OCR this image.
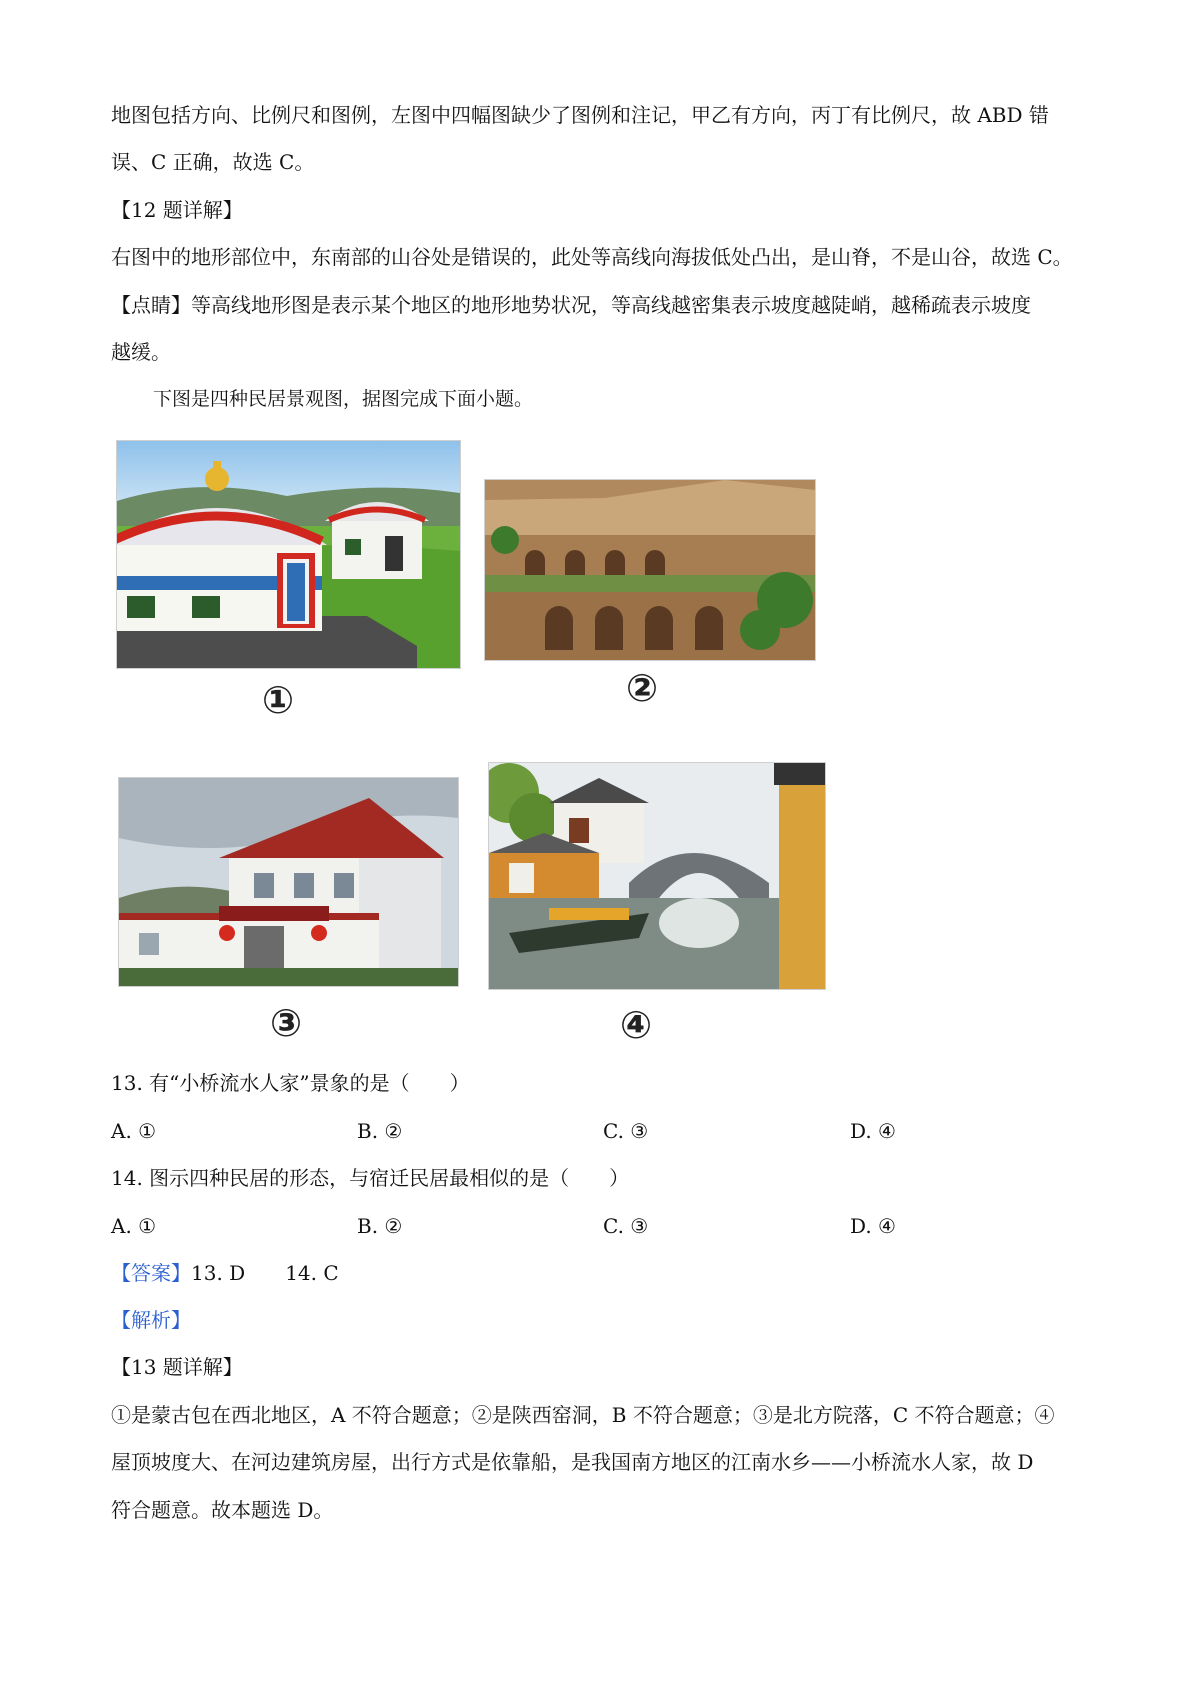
地图包括方向、比例尺和图例，左图中四幅图缺少了图例和注记，甲乙有方向，丙丁有比例尺，故 ABD 错
误、C 正确，故选 C。
【12 题详解】
右图中的地形部位中，东南部的山谷处是错误的，此处等高线向海拔低处凸出，是山脊，不是山谷，故选 C。
【点睛】等高线地形图是表示某个地区的地形地势状况，等高线越密集表示坡度越陡峭，越稀疏表示坡度
越缓。
下图是四种民居景观图，据图完成下面小题。
①	②
③	④
13. 有“小桥流水人家”景象的是（　　）
A. ①	B. ②	C. ③	D. ④
14. 图示四种民居的形态，与宿迁民居最相似的是（　　）
A. ①	B. ②	C. ③	D. ④
【答案】13. D　　14. C
【解析】
【13 题详解】
①是蒙古包在西北地区，A 不符合题意；②是陕西窑洞，B 不符合题意；③是北方院落，C 不符合题意；④
屋顶坡度大、在河边建筑房屋，出行方式是依靠船，是我国南方地区的江南水乡——小桥流水人家，故 D
符合题意。故本题选 D。
